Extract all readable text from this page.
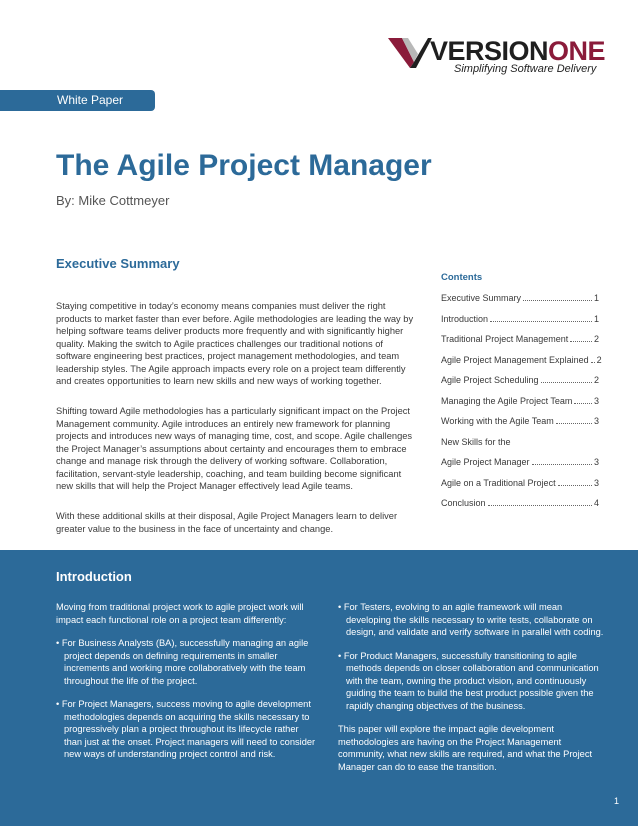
VERSIONONE
Simplifying Software Delivery
White Paper
The Agile Project Manager
By: Mike Cottmeyer
Executive Summary

Staying competitive in today’s economy means companies must deliver the right products to market faster than ever before. Agile methodologies are leading the way by helping software teams deliver products more frequently and with significantly higher quality. Making the switch to Agile practices challenges our traditional notions of software engineering best practices, project management methodologies, and team leadership styles. The Agile approach impacts every role on a project team differently and creates opportunities to learn new skills and new ways of working together.

Shifting toward Agile methodologies has a particularly significant impact on the Project Management community. Agile introduces an entirely new framework for planning projects and introduces new ways of managing time, cost, and scope. Agile challenges the Project Manager’s assumptions about certainty and encourages them to embrace change and manage risk through the delivery of working software. Collaboration, facilitation, servant-style leadership, coaching, and team building become significant new skills that will help the Project Manager effectively lead Agile teams.

With these additional skills at their disposal, Agile Project Managers learn to deliver greater value to the business in the face of uncertainty and change.

Contents
Executive Summary	1
Introduction	1
Traditional Project Management	2
Agile Project Management Explained 2
Agile Project Scheduling	2
Managing the Agile Project Team 3
Working with the Agile Team	3
New Skills for the
Agile Project Manager	3
Agile on a Traditional Project	3
Conclusion	4
Introduction

Moving from traditional project work to agile project work will impact each functional role on a project team differently:

• For Business Analysts (BA), successfully managing an agile project depends on defining requirements in smaller increments and working more collaboratively with the team throughout the life of the project.

• For Project Managers, success moving to agile development methodologies depends on acquiring the skills necessary to progressively plan a project throughout its lifecycle rather than just at the onset. Project managers will need to consider new ways of understanding project control and risk.

• For Testers, evolving to an agile framework will mean developing the skills necessary to write tests, collaborate on design, and validate and verify software in parallel with coding.

• For Product Managers, successfully transitioning to agile methods depends on closer collaboration and communication with the team, owning the product vision, and continuously guiding the team to build the best product possible given the rapidly changing objectives of the business.

This paper will explore the impact agile development methodologies are having on the Project Management community, what new skills are required, and what the Project Manager can do to ease the transition.

1
